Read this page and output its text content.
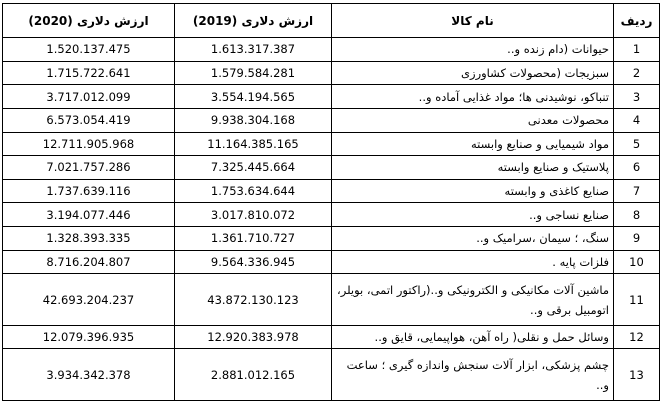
ردیف	نام کالا	ارزش دلاری (2019)	ارزش دلاری (2020)
1	حیوانات (دام زنده و..	1.613.317.387	1.520.137.475
2	سبزیجات (محصولات کشاورزی	1.579.584.281	1.715.722.641
3	تنباکو، نوشیدنی ها؛ مواد غذایی آماده و..	3.554.194.565	3.717.012.099
4	محصولات معدنی	9.938.304.168	6.573.054.419
5	مواد شیمیایی و صنایع وابسته	11.164.385.165	12.711.905.968
6	پلاستیک و صنایع وابسته	7.325.445.664	7.021.757.286
7	صنایع کاغذی و وابسته	1.753.634.644	1.737.639.116
8	صنایع نساجی و..	3.017.810.072	3.194.077.446
9	سنگ، ؛ سیمان ،سرامیک و..	1.361.710.727	1.328.393.335
10	فلزات پایه .	9.564.336.945	8.716.204.807
11	ماشین آلات مکانیکی و الکترونیکی و..(راکتور اتمی، بویلر، اتومبیل برقی و..	43.872.130.123	42.693.204.237
12	وسائل حمل و نقلی( راه آهن، هواپیمایی، قایق و..	12.920.383.978	12.079.396.935
13	چشم پزشکی، ابزار آلات سنجش واندازه گیری ؛ ساعت و..	2.881.012.165	3.934.342.378
